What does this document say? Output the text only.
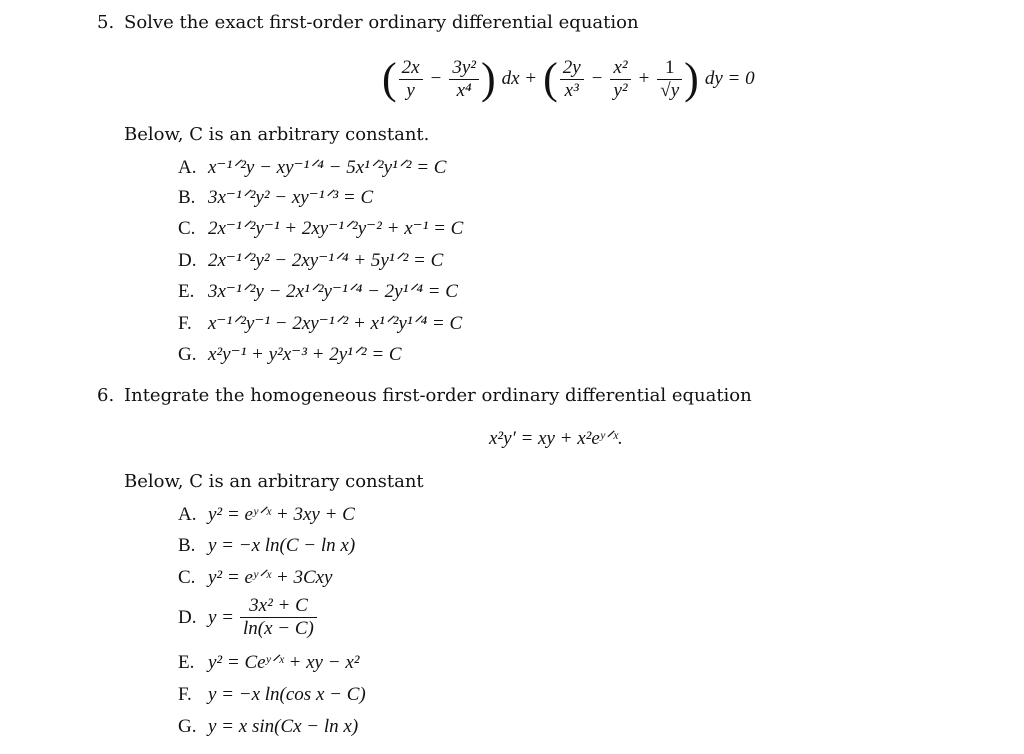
5. Solve the exact first-order ordinary differential equation
( $\frac{2x}{y} - \frac{\text{3y²}}{\text{x⁴}}$ ) dx + ( $\frac{2y}{\text{x³}} - \frac{\text{x²}}{\text{y²}} + \frac{1}{√y}$ ) dy = 0
Below, C is an arbitrary constant.
A. x⁻¹ᐟ²y − xy⁻¹ᐟ⁴ − 5x¹ᐟ²y¹ᐟ² = C
B. 3x⁻¹ᐟ²y² − xy⁻¹ᐟ³ = C
C. 2x⁻¹ᐟ²y⁻¹ + 2xy⁻¹ᐟ²y⁻² + x⁻¹ = C
D. 2x⁻¹ᐟ²y² − 2xy⁻¹ᐟ⁴ + 5y¹ᐟ² = C
E. 3x⁻¹ᐟ²y − 2x¹ᐟ²y⁻¹ᐟ⁴ − 2y¹ᐟ⁴ = C
F. x⁻¹ᐟ²y⁻¹ − 2xy⁻¹ᐟ² + x¹ᐟ²y¹ᐟ⁴ = C
G. x²y⁻¹ + y²x⁻³ + 2y¹ᐟ² = C
6. Integrate the homogeneous first-order ordinary differential equation
x²y′ = xy + x²eʸᐟˣ.
Below, C is an arbitrary constant
A. y² = eʸᐟˣ + 3xy + C
B. y = −x ln(C − ln x)
C. y² = eʸᐟˣ + 3Cxy
D. $y = \frac{\text{3x² + C}}{\ln(x - C)}$
E. y² = Ceʸᐟˣ + xy − x²
F. y = −x ln(cos x − C)
G. y = x sin(Cx − ln x)
